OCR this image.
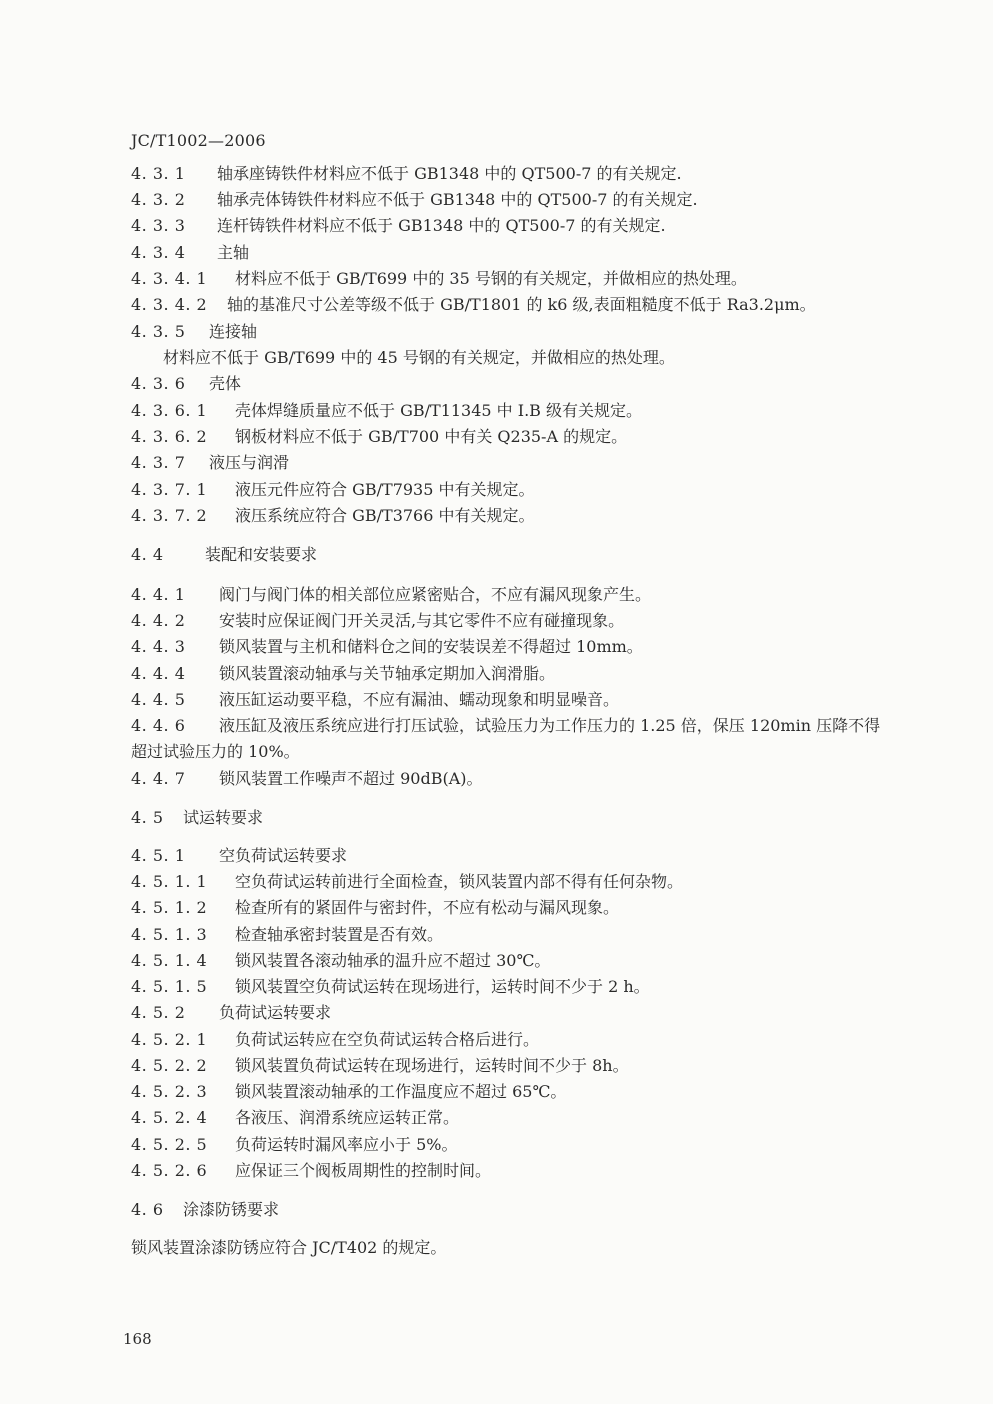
JC/T1002—2006
4. 3. 1 轴承座铸铁件材料应不低于 GB1348 中的 QT500-7 的有关规定.
4. 3. 2 轴承壳体铸铁件材料应不低于 GB1348 中的 QT500-7 的有关规定.
4. 3. 3 连杆铸铁件材料应不低于 GB1348 中的 QT500-7 的有关规定.
4. 3. 4 主轴
4. 3. 4. 1 材料应不低于 GB/T699 中的 35 号钢的有关规定，并做相应的热处理。
4. 3. 4. 2 轴的基准尺寸公差等级不低于 GB/T1801 的 k6 级,表面粗糙度不低于 Ra3.2μm。
4. 3. 5 连接轴
材料应不低于 GB/T699 中的 45 号钢的有关规定，并做相应的热处理。
4. 3. 6 壳体
4. 3. 6. 1 壳体焊缝质量应不低于 GB/T11345 中 I.B 级有关规定。
4. 3. 6. 2 钢板材料应不低于 GB/T700 中有关 Q235-A 的规定。
4. 3. 7 液压与润滑
4. 3. 7. 1 液压元件应符合 GB/T7935 中有关规定。
4. 3. 7. 2 液压系统应符合 GB/T3766 中有关规定。
4. 4	装配和安装要求
4. 4. 1 阀门与阀门体的相关部位应紧密贴合，不应有漏风现象产生。
4. 4. 2 安装时应保证阀门开关灵活,与其它零件不应有碰撞现象。
4. 4. 3 锁风装置与主机和储料仓之间的安装误差不得超过 10mm。
4. 4. 4 锁风装置滚动轴承与关节轴承定期加入润滑脂。
4. 4. 5 液压缸运动要平稳，不应有漏油、蠕动现象和明显噪音。
4. 4. 6 液压缸及液压系统应进行打压试验，试验压力为工作压力的 1.25 倍，保压 120min 压降不得
超过试验压力的 10%。
4. 4. 7 锁风装置工作噪声不超过 90dB(A)。
4. 5 试运转要求
4. 5. 1 空负荷试运转要求
4. 5. 1. 1 空负荷试运转前进行全面检查，锁风装置内部不得有任何杂物。
4. 5. 1. 2 检查所有的紧固件与密封件，不应有松动与漏风现象。
4. 5. 1. 3 检查轴承密封装置是否有效。
4. 5. 1. 4 锁风装置各滚动轴承的温升应不超过 30℃。
4. 5. 1. 5 锁风装置空负荷试运转在现场进行，运转时间不少于 2 h。
4. 5. 2 负荷试运转要求
4. 5. 2. 1 负荷试运转应在空负荷试运转合格后进行。
4. 5. 2. 2 锁风装置负荷试运转在现场进行，运转时间不少于 8h。
4. 5. 2. 3 锁风装置滚动轴承的工作温度应不超过 65℃。
4. 5. 2. 4 各液压、润滑系统应运转正常。
4. 5. 2. 5 负荷运转时漏风率应小于 5%。
4. 5. 2. 6 应保证三个阀板周期性的控制时间。
4. 6 涂漆防锈要求
锁风装置涂漆防锈应符合 JC/T402 的规定。
168
